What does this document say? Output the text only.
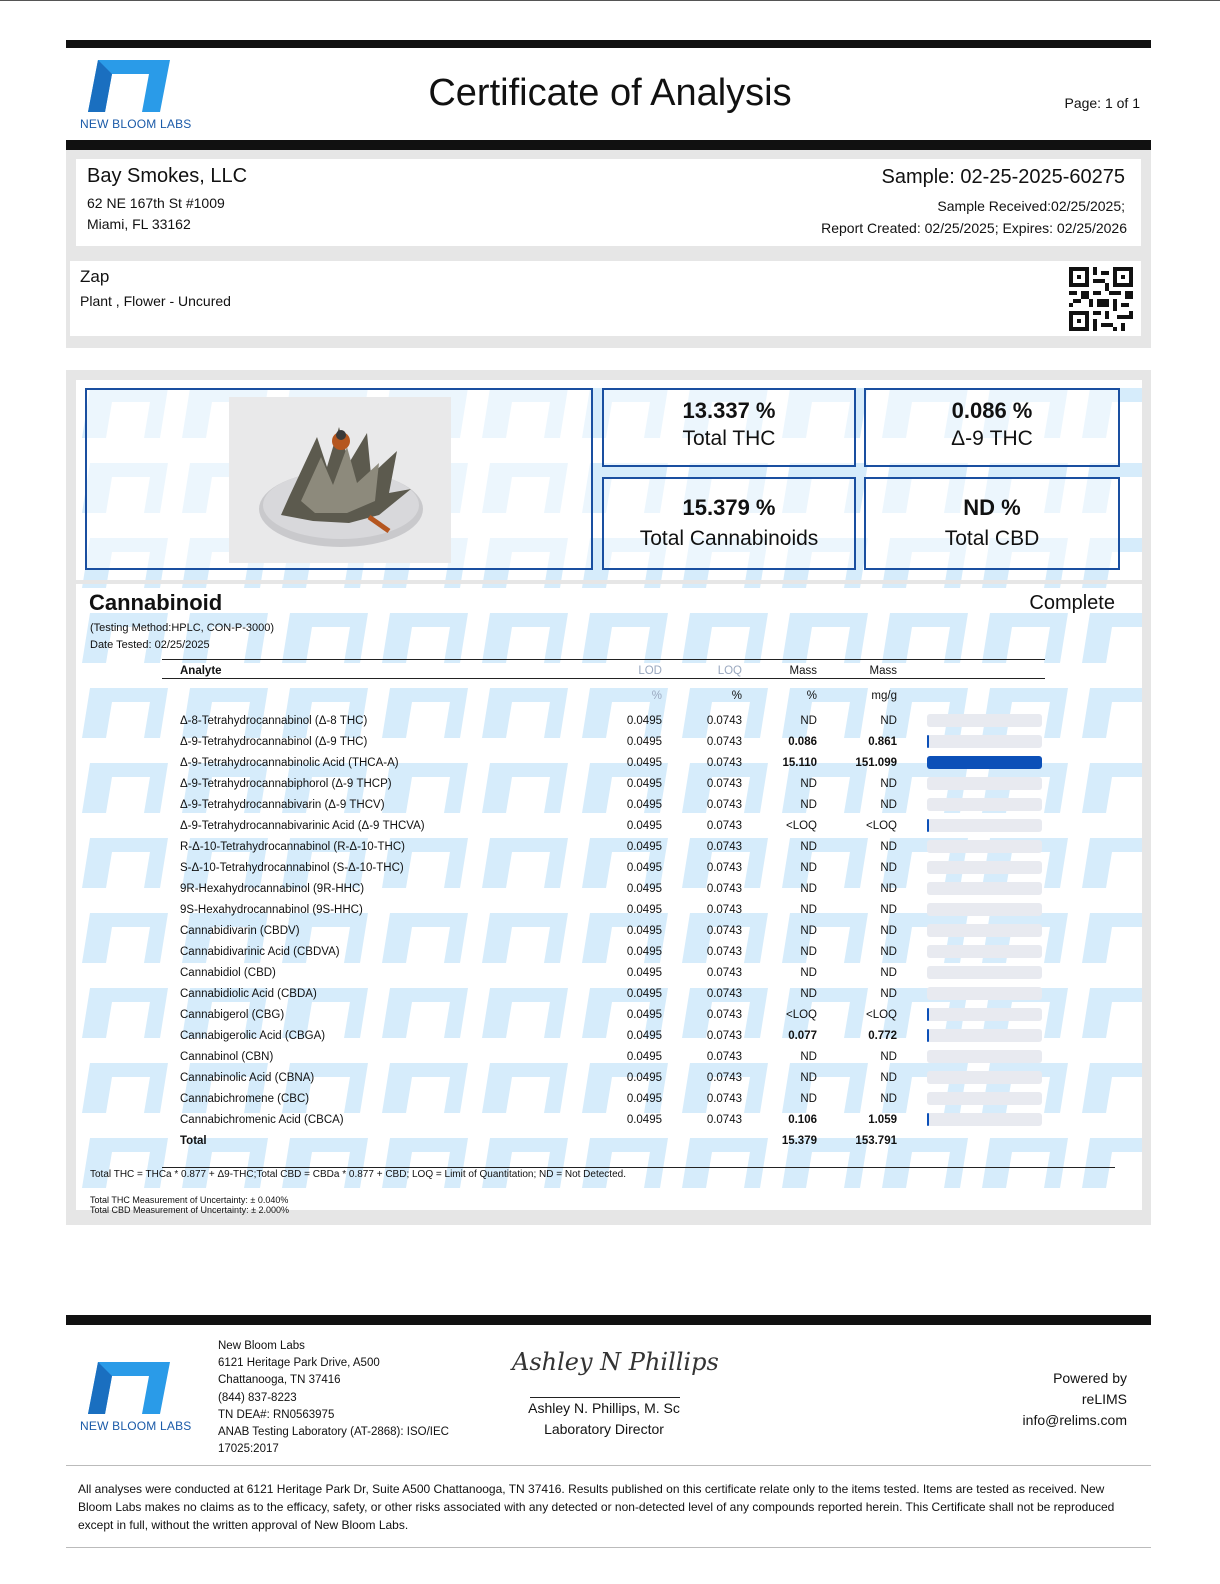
NEW BLOOM LABS
Certificate of Analysis	Page: 1 of 1
Bay Smokes, LLC
62 NE 167th St #1009
Miami, FL 33162
Sample: 02-25-2025-60275
Sample Received:02/25/2025;
Report Created: 02/25/2025; Expires: 02/25/2026
Zap
Plant , Flower - Uncured
13.337 %
Total THC
0.086 %
Δ-9 THC
15.379 %
Total Cannabinoids
ND %
Total CBD
Cannabinoid	Complete
(Testing Method:HPLC, CON-P-3000)
Date Tested: 02/25/2025
Analyte	LOD	LOQ	Mass	Mass	
	%	%	%	mg/g	
Δ-8-Tetrahydrocannabinol (Δ-8 THC)	0.0495	0.0743	ND	ND	

Δ-9-Tetrahydrocannabinol (Δ-9 THC)	0.0495	0.0743	0.086	0.861	

Δ-9-Tetrahydrocannabinolic Acid (THCA-A)	0.0495	0.0743	15.110	151.099	

Δ-9-Tetrahydrocannabiphorol (Δ-9 THCP)	0.0495	0.0743	ND	ND	

Δ-9-Tetrahydrocannabivarin (Δ-9 THCV)	0.0495	0.0743	ND	ND	

Δ-9-Tetrahydrocannabivarinic Acid (Δ-9 THCVA)	0.0495	0.0743	<LOQ	<LOQ	

R-Δ-10-Tetrahydrocannabinol (R-Δ-10-THC)	0.0495	0.0743	ND	ND	

S-Δ-10-Tetrahydrocannabinol (S-Δ-10-THC)	0.0495	0.0743	ND	ND	

9R-Hexahydrocannabinol (9R-HHC)	0.0495	0.0743	ND	ND	

9S-Hexahydrocannabinol (9S-HHC)	0.0495	0.0743	ND	ND	

Cannabidivarin (CBDV)	0.0495	0.0743	ND	ND	

Cannabidivarinic Acid (CBDVA)	0.0495	0.0743	ND	ND	

Cannabidiol (CBD)	0.0495	0.0743	ND	ND	

Cannabidiolic Acid (CBDA)	0.0495	0.0743	ND	ND	

Cannabigerol (CBG)	0.0495	0.0743	<LOQ	<LOQ	

Cannabigerolic Acid (CBGA)	0.0495	0.0743	0.077	0.772	

Cannabinol (CBN)	0.0495	0.0743	ND	ND	

Cannabinolic Acid (CBNA)	0.0495	0.0743	ND	ND	

Cannabichromene (CBC)	0.0495	0.0743	ND	ND	

Cannabichromenic Acid (CBCA)	0.0495	0.0743	0.106	1.059	

Total			15.379	153.791	
Total THC = THCa * 0.877 + Δ9-THC;Total CBD = CBDa * 0.877 + CBD; LOQ = Limit of Quantitation; ND = Not Detected.
Total THC Measurement of Uncertainty: ± 0.040%
Total CBD Measurement of Uncertainty: ± 2.000%
NEW BLOOM LABS
New Bloom Labs
6121 Heritage Park Drive, A500
Chattanooga, TN 37416
(844) 837-8223
TN DEA#: RN0563975
ANAB Testing Laboratory (AT-2868): ISO/IEC
17025:2017
Ashley N Phillips
Ashley N. Phillips, M. Sc
Laboratory Director
Powered by
reLIMS
info@relims.com
All analyses were conducted at 6121 Heritage Park Dr, Suite A500 Chattanooga, TN 37416. Results published on this certificate relate only to the items tested. Items are tested as received. New Bloom Labs makes no claims as to the efficacy, safety, or other risks associated with any detected or non-detected level of any compounds reported herein. This Certificate shall not be reproduced except in full, without the written approval of New Bloom Labs.
